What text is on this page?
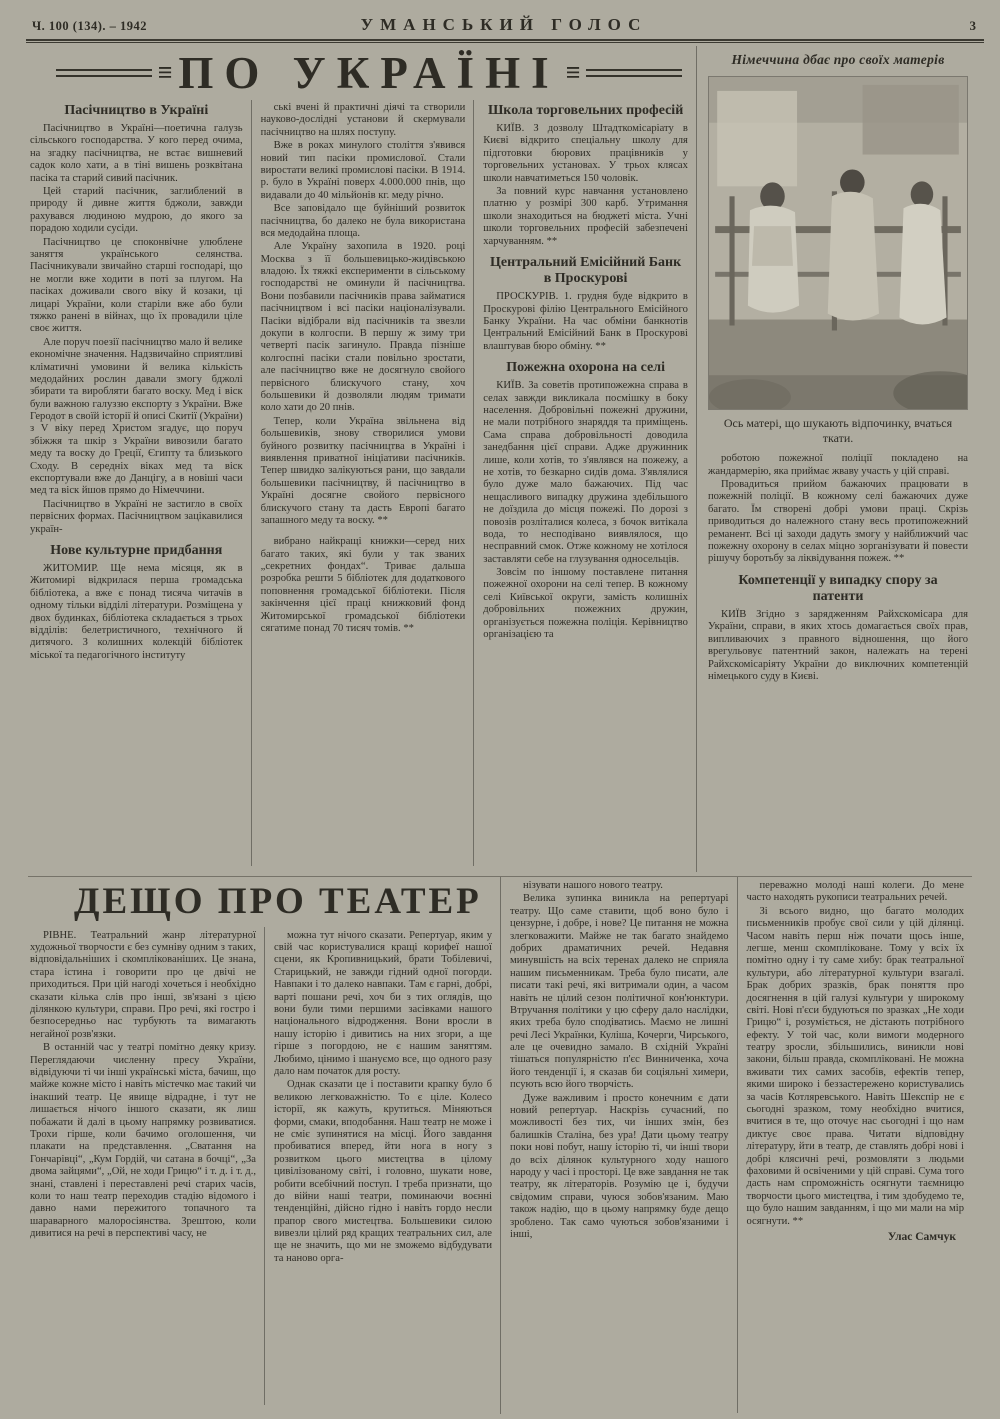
Ч. 100 (134). – 1942	УМАНСЬКИЙ ГОЛОС	3
≡ ПО УКРАЇНІ ≡
Пасічництво в Україні

Пасічництво в Україні—поетична галузь сільського господарства. У кого перед очима, на згадку пасічництва, не встає вишневий садок коло хати, а в тіні вишень розквітана пасіка та старий сивий пасічник.

Цей старий пасічник, заглиблений в природу й дивне життя бджоли, завжди рахувався людиною мудрою, до якого за порадою ходили сусіди.

Пасічництво це споконвічне улюблене заняття українського селянства. Пасічникували звичайно старші господарі, що не могли вже ходити в поті за плугом. На пасіках доживали свого віку й козаки, ці лицарі України, коли старіли вже або були тяжко ранені в війнах, що їх провадили ціле своє життя.

Але поруч поезії пасічництво мало й велике економічне значення. Надзвичайно сприятливі кліматичні умовини й велика кількість медодайних рослин давали змогу бджолі збирати та виробляти багато воску. Мед і віск були важною галуззю експорту з України. Вже Геродот в своїй історії й описі Скитії (України) з V віку перед Христом згадує, що поруч збіжжя та шкір з України вивозили багато меду та воску до Греції, Єгипту та близького Сходу. В середніх віках мед та віск експортували вже до Данцігу, а в новіші часи мед та віск йшов прямо до Німеччини.

Пасічництво в Україні не застигло в своїх первісних формах. Пасічництвом зацікавилися україн-

Нове культурне придбання

ЖИТОМИР. Ще нема місяця, як в Житомирі відкрилася перша громадська бібліотека, а вже є понад тисяча читачів в одному тільки відділі літератури. Розміщена у двох будинках, бібліотека складається з трьох відділів: белетристичного, технічного й дитячого. З колишних колекцій бібліотек міської та педагогічного інституту

ські вчені й практичні діячі та створили науково-дослідні установи й скермували пасічництво на шлях поступу.

Вже в роках минулого століття з'явився новий тип пасіки промислової. Стали виростати великі промислові пасіки. В 1914. р. було в Україні поверх 4.000.000 пнів, що видавали до 40 мільйонів кг. меду річно.

Все заповідало ще буйніший розвиток пасічництва, бо далеко не була використана вся медодайна площа.

Але Україну захопила в 1920. році Москва з її большевицько-жидівською владою. Їх тяжкі експерименти в сільському господарстві не оминули й пасічництва. Вони позбавили пасічників права займатися пасічництвом і всі пасіки націоналізували. Пасіки відібрали від пасічників та звезли докупи в колгоспи. В першу ж зиму три четверті пасік загинуло. Правда пізніше колгоспні пасіки стали повільно зростати, але пасічництво вже не досягнуло свойого первісного блискучого стану, хоч большевики й дозволяли людям тримати коло хати до 20 пнів.

Тепер, коли Україна звільнена від большевиків, знову створилися умови буйного розвитку пасічництва в Україні і виявлення приватної ініціативи пасічників. Тепер швидко залікуються рани, що завдали большевики пасічництву, й пасічництво в Україні досягне свойого первісного блискучого стану та дасть Европі багато запашного меду та воску. **

вибрано найкращі книжки—серед них багато таких, які були у так званих „секретних фондах“. Триває дальша розробка решти 5 бібліотек для додаткового поповнення громадської бібліотеки. Після закінчення цієї праці книжковий фонд Житомирської громадської бібліотеки сягатиме понад 70 тисяч томів. **

Школа торговельних професій

КИЇВ. З дозволу Штадткомісаріату в Києві відкрито спеціальну школу для підготовки бюрових працівників у торговельних установах. У трьох клясах школи навчатиметься 150 чоловік.

За повний курс навчання установлено платню у розмірі 300 карб. Утримання школи знаходиться на бюджеті міста. Учні школи торговельних професій забезпечені харчуванням. **

Центральний Емісійний Банк в Проскурові

ПРОСКУРІВ. 1. грудня буде відкрито в Проскурові філію Центрального Емісійного Банку України. На час обміни банкнотів Центральний Емісійний Банк в Проскурові влаштував бюро обміну. **

Пожежна охорона на селі

КИЇВ. За советів протипожежна справа в селах завжди викликала посмішку в боку населення. Добровільні пожежні дружини, не мали потрібного знаряддя та приміщень. Сама справа добровільності доводила занедбання цієї справи. Адже дружинник лише, коли хотів, то з'являвся на пожежу, а не хотів, то безкарно сидів дома. З'являлися було дуже мало бажаючих. Під час нещасливого випадку дружина здебільшого не доїздила до місця пожежі. По дорозі з повозів розліталися колеса, з бочок витікала вода, то несподівано виявлялося, що несправний смок. Отже кожному не хотілося заставляти себе на глузування односельців.

Зовсім по іншому поставлене питання пожежної охорони на селі тепер. В кожному селі Київської округи, замість колишніх добровільних пожежних дружин, організується пожежна поліція. Керівництво організацією та

Німеччина дбає про своїх матерів
Ось матері, що шукають відпочинку, вчаться ткати.

роботою пожежної поліції покладено на жандармерію, яка приймає жваву участь у цій справі.

Провадиться прийом бажаючих працювати в пожежній поліції. В кожному селі бажаючих дуже багато. Їм створені добрі умови праці. Скрізь приводиться до належного стану весь протипожежний реманент. Всі ці заходи дадуть змогу у найближчий час пожежну охорону в селах міцно зорганізувати й повести рішучу боротьбу за ліквідування пожеж. **

Компетенції у випадку спору за патенти

КИЇВ Згідно з зарядженням Райхскомісара для України, справи, в яких хтось домагається своїх прав, випливаючих з правного відношення, що його врегульовує патентний закон, належать на терені Райхскомісаріяту України до виключних компетенцій німецького суду в Києві.

ДЕЩО ПРО ТЕАТЕР

РІВНЕ. Театральний жанр літературної художньої творчости є без сумніву одним з таких, відповідальніших і скомплікованіших. Це знана, стара істина і говорити про це двічі не приходиться. При цій нагоді хочеться і необхідно сказати кілька слів про інші, зв'язані з цією ділянкою культури, справи. Про речі, які гостро і безпосередньо нас турбують та вимагають негайної розв'язки.

В останній час у театрі помітно деяку кризу. Переглядаючи численну пресу України, відвідуючи ті чи інші українські міста, бачиш, що майже кожне місто і навіть містечко має такий чи інакший театр. Це явище відрадне, і тут не лишається нічого іншого сказати, як лиш побажати й далі в цьому напрямку розвиватися. Трохи гірше, коли бачимо оголошення, чи плакати на представлення. „Сватання на Гончарівці“, „Кум Гордій, чи сатана в бочці“, „За двома зайцями“, „Ой, не ходи Грицю“ і т. д. і т. д., знані, ставлені і переставлені речі старих часів, коли то наш театр переходив стадію відомого і давно нами пережитого топачного та шараварного малоросіянства. Зрештою, коли дивитися на речі в перспективі часу, не

можна тут нічого сказати. Репертуар, яким у свій час користувалися кращі корифеї нашої сцени, як Кропивницький, брати Тобілевичі, Старицький, не завжди гідний одної погорди. Навпаки і то далеко навпаки. Там є гарні, добрі, варті пошани речі, хоч би з тих оглядів, що вони були тими першими засівками нашого національного відродження. Вони вросли в нашу історію і дивитись на них згори, а ще гірше з погордою, не є нашим заняттям. Любимо, цінимо і шануємо все, що одного разу дало нам початок для росту.

Однак сказати це і поставити крапку було б великою легковажністю. То є ціле. Колесо історії, як кажуть, крутиться. Міняються форми, смаки, вподобання. Наш театр не може і не сміє зупинятися на місці. Його завдання пробиватися вперед, йти нога в ногу з розвитком цього мистецтва в цілому цивілізованому світі, і головно, шукати нове, робити всебічний поступ. І треба признати, що до війни наші театри, поминаючи воєнні тенденційні, дійсно гідно і навіть гордо несли прапор свого мистецтва. Большевики силою вивезли цілий ряд кращих театральних сил, але ще не значить, що ми не зможемо відбудувати та наново орга-

нізувати нашого нового театру.

Велика зупинка виникла на репертуарі театру. Що саме ставити, щоб воно було і цензурне, і добре, і нове? Це питання не можна злегковажити. Майже не так багато знайдемо добрих драматичних речей. Недавня минувшість на всіх теренах далеко не сприяла нашим письменникам. Треба було писати, але писати такі речі, які витримали один, а часом навіть не цілий сезон політичної кон'юнктури. Втручання політики у цю сферу дало наслідки, яких треба було сподіватись. Маємо не лишні речі Лесі Українки, Куліша, Кочерги, Чирського, але це очевидно замало. В східній Україні тішаться популярністю п'єс Винниченка, хоча його тенденції і, я сказав би соціяльні химери, псують всю його творчість.

Дуже важливим і просто конечним є дати новий репертуар. Наскрізь сучасний, по можливості без тих, чи інших змін, без балишків Сталіна, без ура! Дати цьому театру поки нові побут, нашу історію ті, чи інші твори до всіх ділянок культурного ходу нашого народу у часі і просторі. Це вже завдання не так театру, як літераторів. Розумію це і, будучи свідомим справи, чуюся зобов'язаним. Маю також надію, що в цьому напрямку буде дещо зроблено. Так само чуються зобов'язаними і інші,

переважно молоді наші колеги. До мене часто находять рукописи театральних речей.

Зі всього видно, що багато молодих письменників пробує свої сили у цій ділянці. Часом навіть перш ніж почати щось інше, легше, менш скомпліковане. Тому у всіх їх помітно одну і ту саме хибу: брак театральної культури, або літературної культури взагалі. Брак добрих зразків, брак поняття про досягнення в цій галузі культури у широкому світі. Нові п'єси будуються по зразках „Не ходи Грицю“ і, розуміється, не дістають потрібного ефекту. У той час, коли вимоги модерного театру зросли, збільшились, виникли нові закони, більш правда, скомпліковані. Не можна вживати тих самих засобів, ефектів тепер, якими широко і беззастережено користувались за часів Котляревського. Навіть Шекспір не є сьогодні зразком, тому необхідно вчитися, вчитися в те, що оточує нас сьогодні і що нам диктує своє права. Читати відповідну літературу, йти в театр, де ставлять добрі нові і добрі клясичні речі, розмовляти з людьми фаховими й освіченими у цій справі. Сума того дасть нам спроможність осягнути таємницю творчости цього мистецтва, і тим здобудемо те, що було нашим завданням, і що ми мали на мір осягнути. **

Улас Самчук
